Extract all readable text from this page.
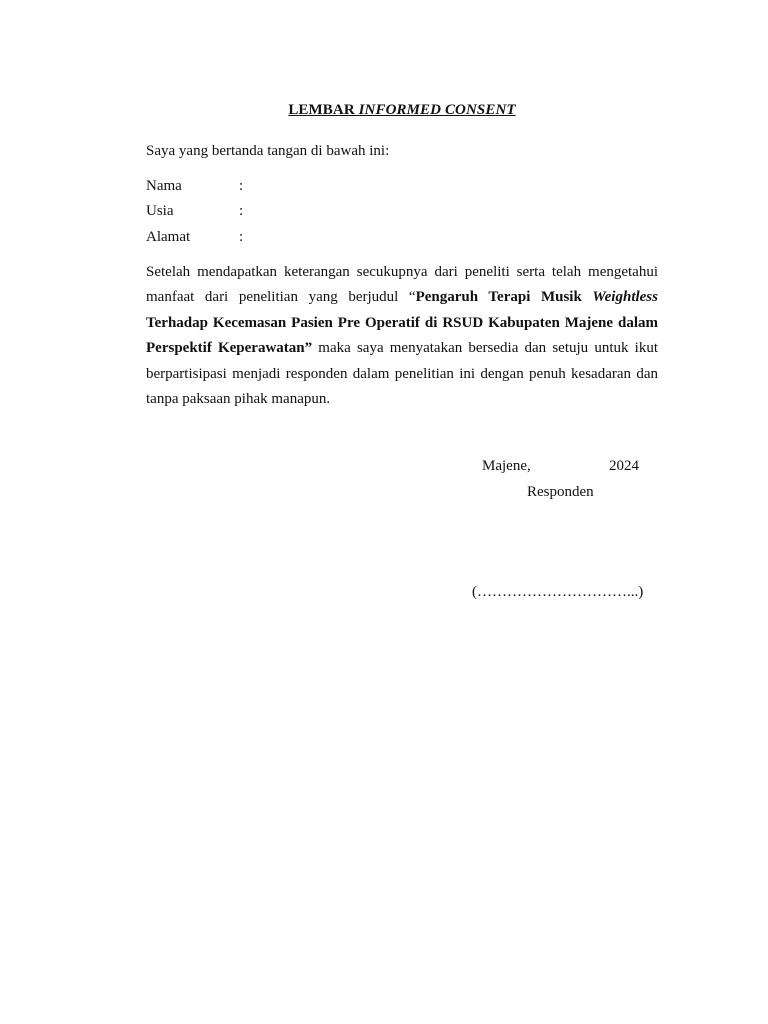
LEMBAR INFORMED CONSENT
Saya yang bertanda tangan di bawah ini:
Nama	:
Usia	:
Alamat	:
Setelah mendapatkan keterangan secukupnya dari peneliti serta telah mengetahui manfaat dari penelitian yang berjudul “Pengaruh Terapi Musik Weightless Terhadap Kecemasan Pasien Pre Operatif di RSUD Kabupaten Majene dalam Perspektif Keperawatan” maka saya menyatakan bersedia dan setuju untuk ikut berpartisipasi menjadi responden dalam penelitian ini dengan penuh kesadaran dan tanpa paksaan pihak manapun.
Majene,	2024
Responden
(…………………………...)
